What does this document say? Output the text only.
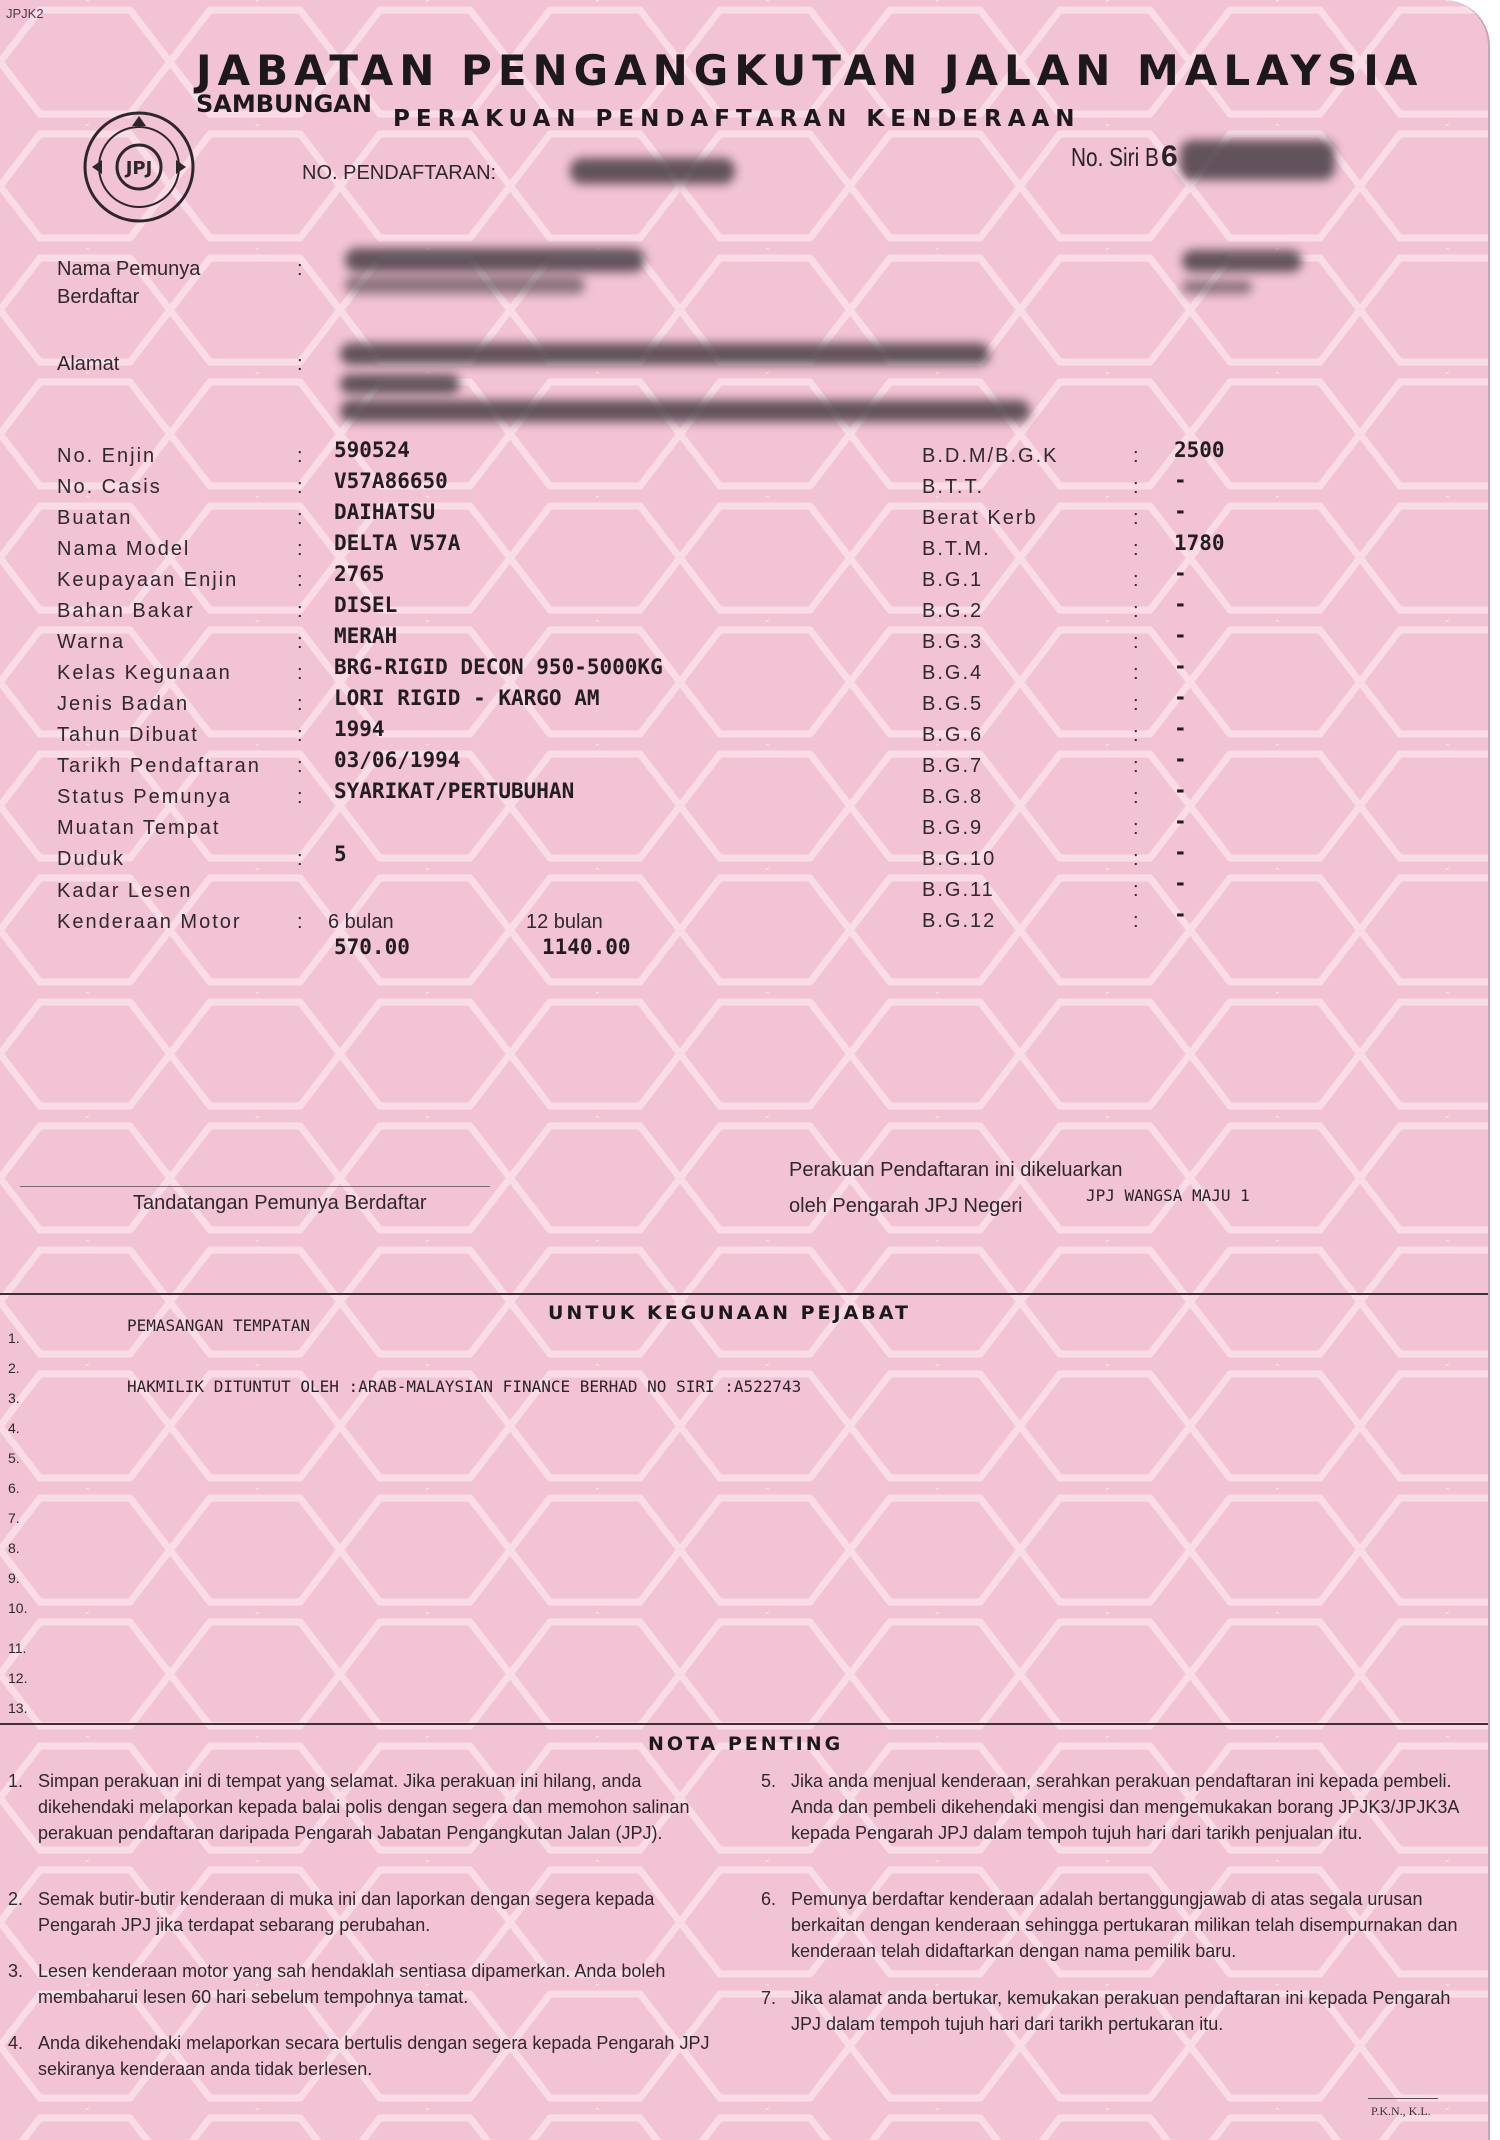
JPJK2
JPJ
JABATAN PENGANGKUTAN JALAN MALAYSIA
SAMBUNGAN
PERAKUAN PENDAFTARAN KENDERAAN
NO. PENDAFTARAN:
No. Siri B 6
Nama Pemunya
Berdaftar
:
Alamat	:
No. Enjin	: 590524
No. Casis	: V57A86650
Buatan	: DAIHATSU
Nama Model	: DELTA V57A
Keupayaan Enjin	: 2765
Bahan Bakar	: DISEL
Warna	: MERAH
Kelas Kegunaan	: BRG-RIGID DECON 950-5000KG
Jenis Badan	: LORI RIGID - KARGO AM
Tahun Dibuat	: 1994
Tarikh Pendaftaran : 03/06/1994
Status Pemunya	: SYARIKAT/PERTUBUHAN
Muatan Tempat
Duduk	: 5
Kadar Lesen
Kenderaan Motor	: 6 bulan	12 bulan
570.00	1140.00
B.D.M/B.G.K	: 2500
B.T.T.	: -
Berat Kerb	: -
B.T.M.	: 1780
B.G.1	: -
B.G.2	: -
B.G.3	: -
B.G.4	: -
B.G.5	: -
B.G.6	: -
B.G.7	: -
B.G.8	: -
B.G.9	: -
B.G.10	: -
B.G.11	: -
B.G.12	: -
Tandatangan Pemunya Berdaftar
Perakuan Pendaftaran ini dikeluarkan
oleh Pengarah JPJ Negeri	JPJ WANGSA MAJU 1
UNTUK KEGUNAAN PEJABAT
PEMASANGAN TEMPATAN
HAKMILIK DITUNTUT OLEH :ARAB-MALAYSIAN FINANCE BERHAD NO SIRI :A522743
1.
2.
3.
4.
5.
6.
7.
8.
9.
10.
11.
12.
13.
NOTA PENTING
1. Simpan perakuan ini di tempat yang selamat. Jika perakuan ini hilang, anda dikehendaki melaporkan kepada balai polis dengan segera dan memohon salinan perakuan pendaftaran daripada Pengarah Jabatan Pengangkutan Jalan (JPJ).
2. Semak butir-butir kenderaan di muka ini dan laporkan dengan segera kepada Pengarah JPJ jika terdapat sebarang perubahan.
3. Lesen kenderaan motor yang sah hendaklah sentiasa dipamerkan. Anda boleh membaharui lesen 60 hari sebelum tempohnya tamat.
4. Anda dikehendaki melaporkan secara bertulis dengan segera kepada Pengarah JPJ sekiranya kenderaan anda tidak berlesen.
5. Jika anda menjual kenderaan, serahkan perakuan pendaftaran ini kepada pembeli. Anda dan pembeli dikehendaki mengisi dan mengemukakan borang JPJK3/JPJK3A kepada Pengarah JPJ dalam tempoh tujuh hari dari tarikh penjualan itu.
6. Pemunya berdaftar kenderaan adalah bertanggungjawab di atas segala urusan berkaitan dengan kenderaan sehingga pertukaran milikan telah disempurnakan dan kenderaan telah didaftarkan dengan nama pemilik baru.
7. Jika alamat anda bertukar, kemukakan perakuan pendaftaran ini kepada Pengarah JPJ dalam tempoh tujuh hari dari tarikh pertukaran itu.
P.K.N., K.L.
